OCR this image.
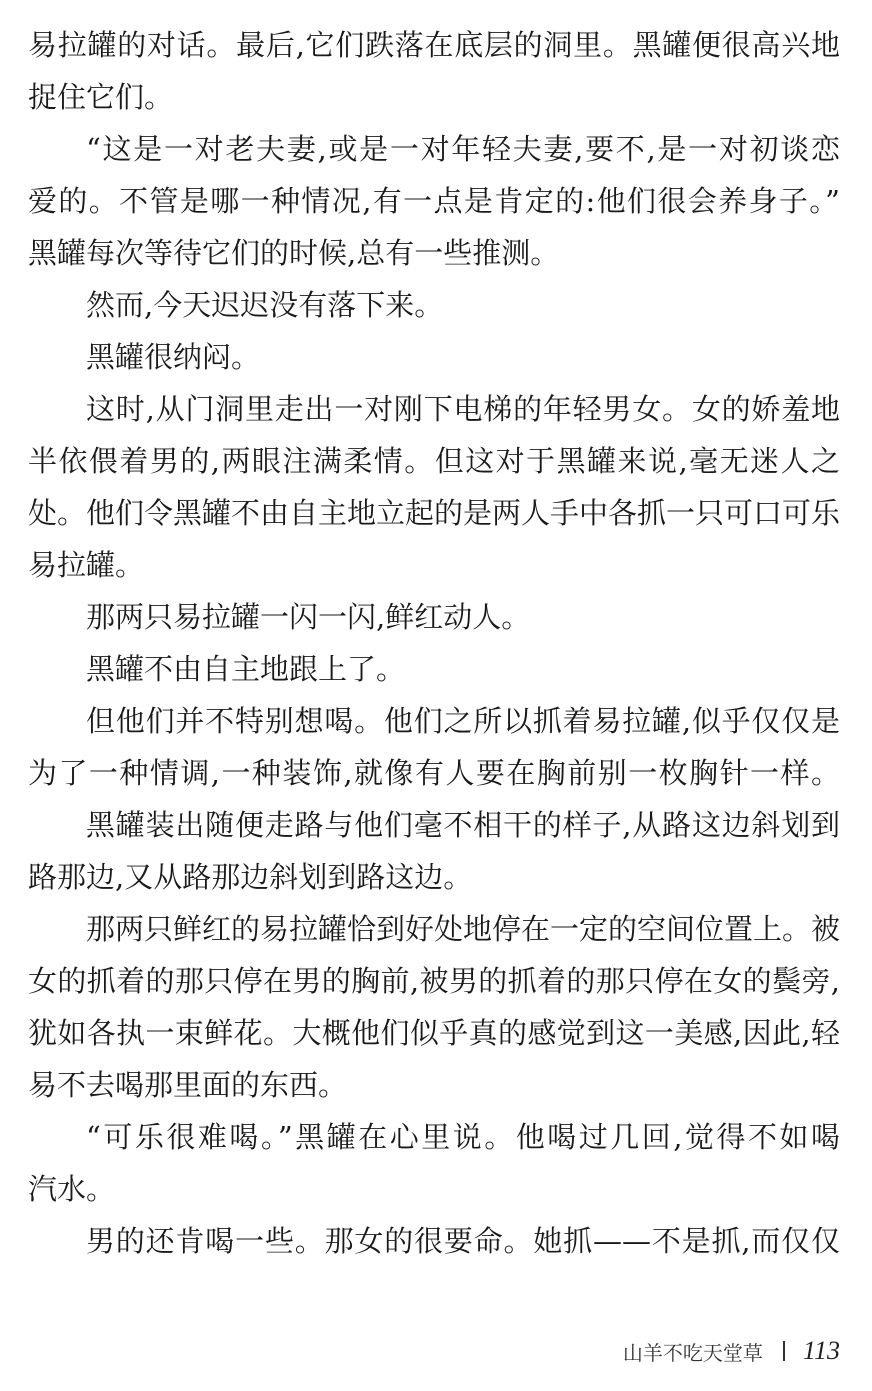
易拉罐的对话。最后,它们跌落在底层的洞里。黑罐便很高兴地
捉住它们。
“这是一对老夫妻,或是一对年轻夫妻,要不,是一对初谈恋
爱的。不管是哪一种情况,有一点是肯定的:他们很会养身子。”
黑罐每次等待它们的时候,总有一些推测。
然而,今天迟迟没有落下来。
黑罐很纳闷。
这时,从门洞里走出一对刚下电梯的年轻男女。女的娇羞地
半依偎着男的,两眼注满柔情。但这对于黑罐来说,毫无迷人之
处。他们令黑罐不由自主地立起的是两人手中各抓一只可口可乐
易拉罐。
那两只易拉罐一闪一闪,鲜红动人。
黑罐不由自主地跟上了。
但他们并不特别想喝。他们之所以抓着易拉罐,似乎仅仅是
为了一种情调,一种装饰,就像有人要在胸前别一枚胸针一样。
黑罐装出随便走路与他们毫不相干的样子,从路这边斜划到
路那边,又从路那边斜划到路这边。
那两只鲜红的易拉罐恰到好处地停在一定的空间位置上。被
女的抓着的那只停在男的胸前,被男的抓着的那只停在女的鬓旁,
犹如各执一束鲜花。大概他们似乎真的感觉到这一美感,因此,轻
易不去喝那里面的东西。
“可乐很难喝。”黑罐在心里说。他喝过几回,觉得不如喝
汽水。
男的还肯喝一些。那女的很要命。她抓——不是抓,而仅仅
山羊不吃天堂草 113
